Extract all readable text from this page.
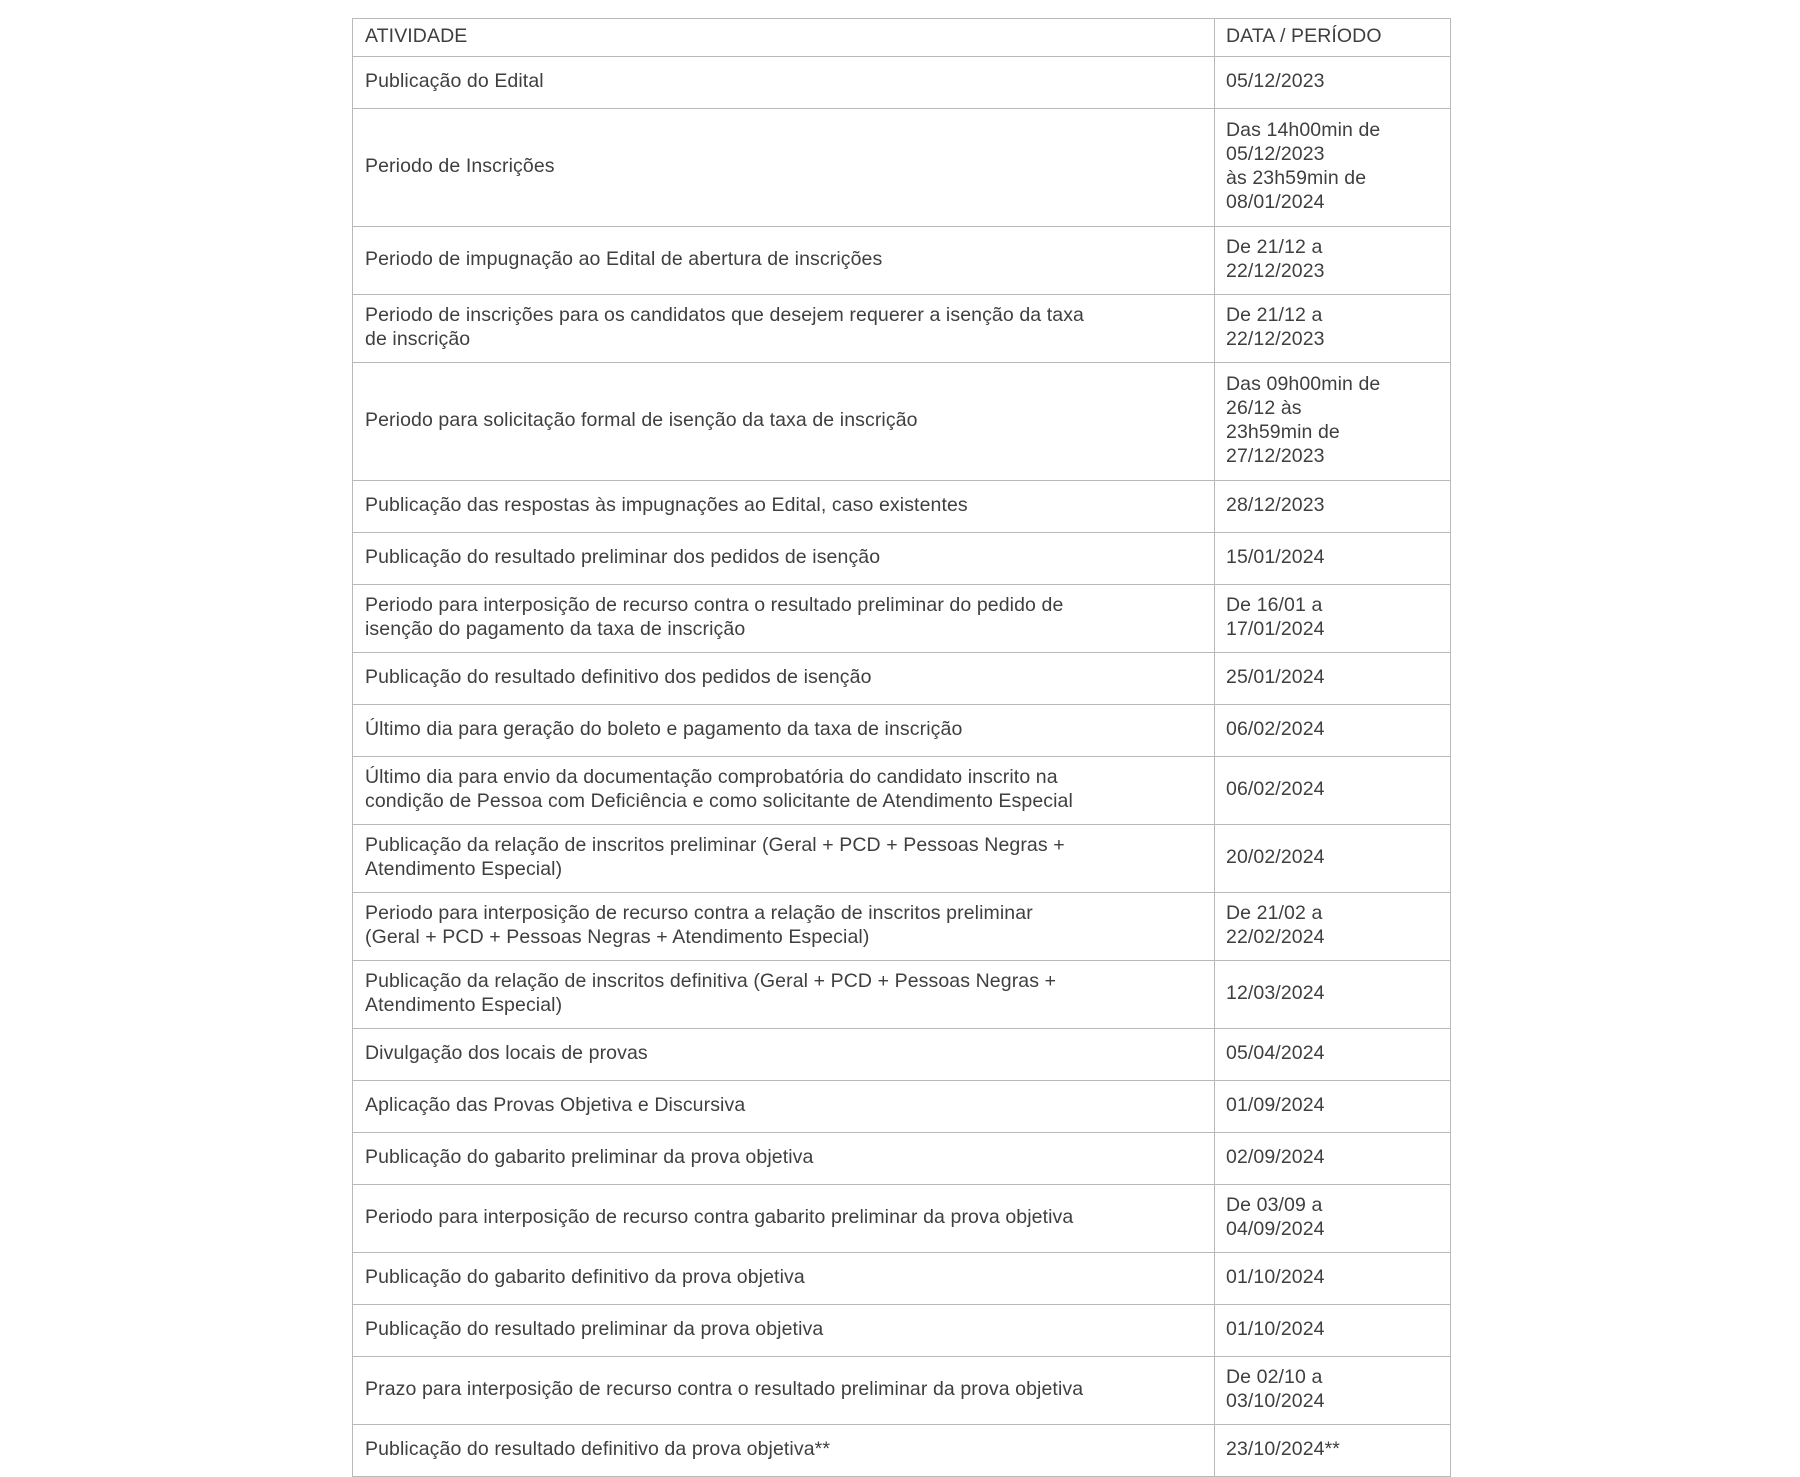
ATIVIDADE	DATA / PERÍODO

Publicação do Edital	05/12/2023

Periodo de Inscrições	Das 14h00min de
05/12/2023
às 23h59min de
08/01/2024

Periodo de impugnação ao Edital de abertura de inscrições	De 21/12 a
22/12/2023

Periodo de inscrições para os candidatos que desejem requerer a isenção da taxa
de inscrição	De 21/12 a
22/12/2023

Periodo para solicitação formal de isenção da taxa de inscrição	Das 09h00min de
26/12 às
23h59min de
27/12/2023

Publicação das respostas às impugnações ao Edital, caso existentes	28/12/2023

Publicação do resultado preliminar dos pedidos de isenção	15/01/2024

Periodo para interposição de recurso contra o resultado preliminar do pedido de
isenção do pagamento da taxa de inscrição	De 16/01 a
17/01/2024

Publicação do resultado definitivo dos pedidos de isenção	25/01/2024

Último dia para geração do boleto e pagamento da taxa de inscrição	06/02/2024

Último dia para envio da documentação comprobatória do candidato inscrito na
condição de Pessoa com Deficiência e como solicitante de Atendimento Especial	06/02/2024

Publicação da relação de inscritos preliminar (Geral + PCD + Pessoas Negras +
Atendimento Especial)	20/02/2024

Periodo para interposição de recurso contra a relação de inscritos preliminar
(Geral + PCD + Pessoas Negras + Atendimento Especial)	De 21/02 a
22/02/2024

Publicação da relação de inscritos definitiva (Geral + PCD + Pessoas Negras +
Atendimento Especial)	12/03/2024

Divulgação dos locais de provas	05/04/2024

Aplicação das Provas Objetiva e Discursiva	01/09/2024

Publicação do gabarito preliminar da prova objetiva	02/09/2024

Periodo para interposição de recurso contra gabarito preliminar da prova objetiva	De 03/09 a
04/09/2024

Publicação do gabarito definitivo da prova objetiva	01/10/2024

Publicação do resultado preliminar da prova objetiva	01/10/2024

Prazo para interposição de recurso contra o resultado preliminar da prova objetiva	De 02/10 a
03/10/2024

Publicação do resultado definitivo da prova objetiva**	23/10/2024**
